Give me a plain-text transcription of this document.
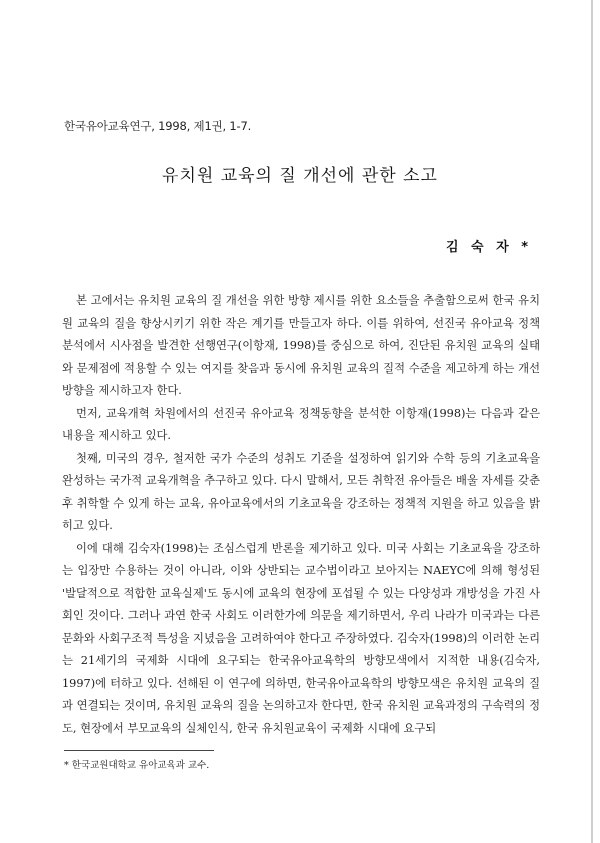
한국유아교육연구, 1998, 제1권, 1-7.
유치원 교육의 질 개선에 관한 소고
김 숙 자 *

본 고에서는 유치원 교육의 질 개선을 위한 방향 제시를 위한 요소들을 추출함으로써 한국 유치원 교육의 질을 향상시키기 위한 작은 계기를 만들고자 하다. 이를 위하여, 선진국 유아교육 정책 분석에서 시사점을 발견한 선행연구(이항재, 1998)를 중심으로 하여, 진단된 유치원 교육의 실태와 문제점에 적용할 수 있는 여지를 찾음과 동시에 유치원 교육의 질적 수준을 제고하게 하는 개선 방향을 제시하고자 한다.

먼저, 교육개혁 차원에서의 선진국 유아교육 정책동향을 분석한 이항재(1998)는 다음과 같은 내용을 제시하고 있다.

첫째, 미국의 경우, 철저한 국가 수준의 성취도 기준을 설정하여 읽기와 수학 등의 기초교육을 완성하는 국가적 교육개혁을 추구하고 있다. 다시 말해서, 모든 취학전 유아들은 배울 자세를 갖춘 후 취학할 수 있게 하는 교육, 유아교육에서의 기초교육을 강조하는 정책적 지원을 하고 있음을 밝히고 있다.

이에 대해 김숙자(1998)는 조심스럽게 반론을 제기하고 있다. 미국 사회는 기초교육을 강조하는 입장만 수용하는 것이 아니라, 이와 상반되는 교수법이라고 보아지는 NAEYC에 의해 형성된 '발달적으로 적합한 교육실제'도 동시에 교육의 현장에 포섭될 수 있는 다양성과 개방성을 가진 사회인 것이다. 그러나 과연 한국 사회도 이러한가에 의문을 제기하면서, 우리 나라가 미국과는 다른 문화와 사회구조적 특성을 지녔음을 고려하여야 한다고 주장하였다. 김숙자(1998)의 이러한 논리는 21세기의 국제화 시대에 요구되는 한국유아교육학의 방향모색에서 지적한 내용(김숙자, 1997)에 터하고 있다. 선해된 이 연구에 의하면, 한국유아교육학의 방향모색은 유치원 교육의 질과 연결되는 것이며, 유치원 교육의 질을 논의하고자 한다면, 한국 유치원 교육과정의 구속력의 정도, 현장에서 부모교육의 실체인식, 한국 유치원교육이 국제화 시대에 요구되

* 한국교원대학교 유아교육과 교수.
